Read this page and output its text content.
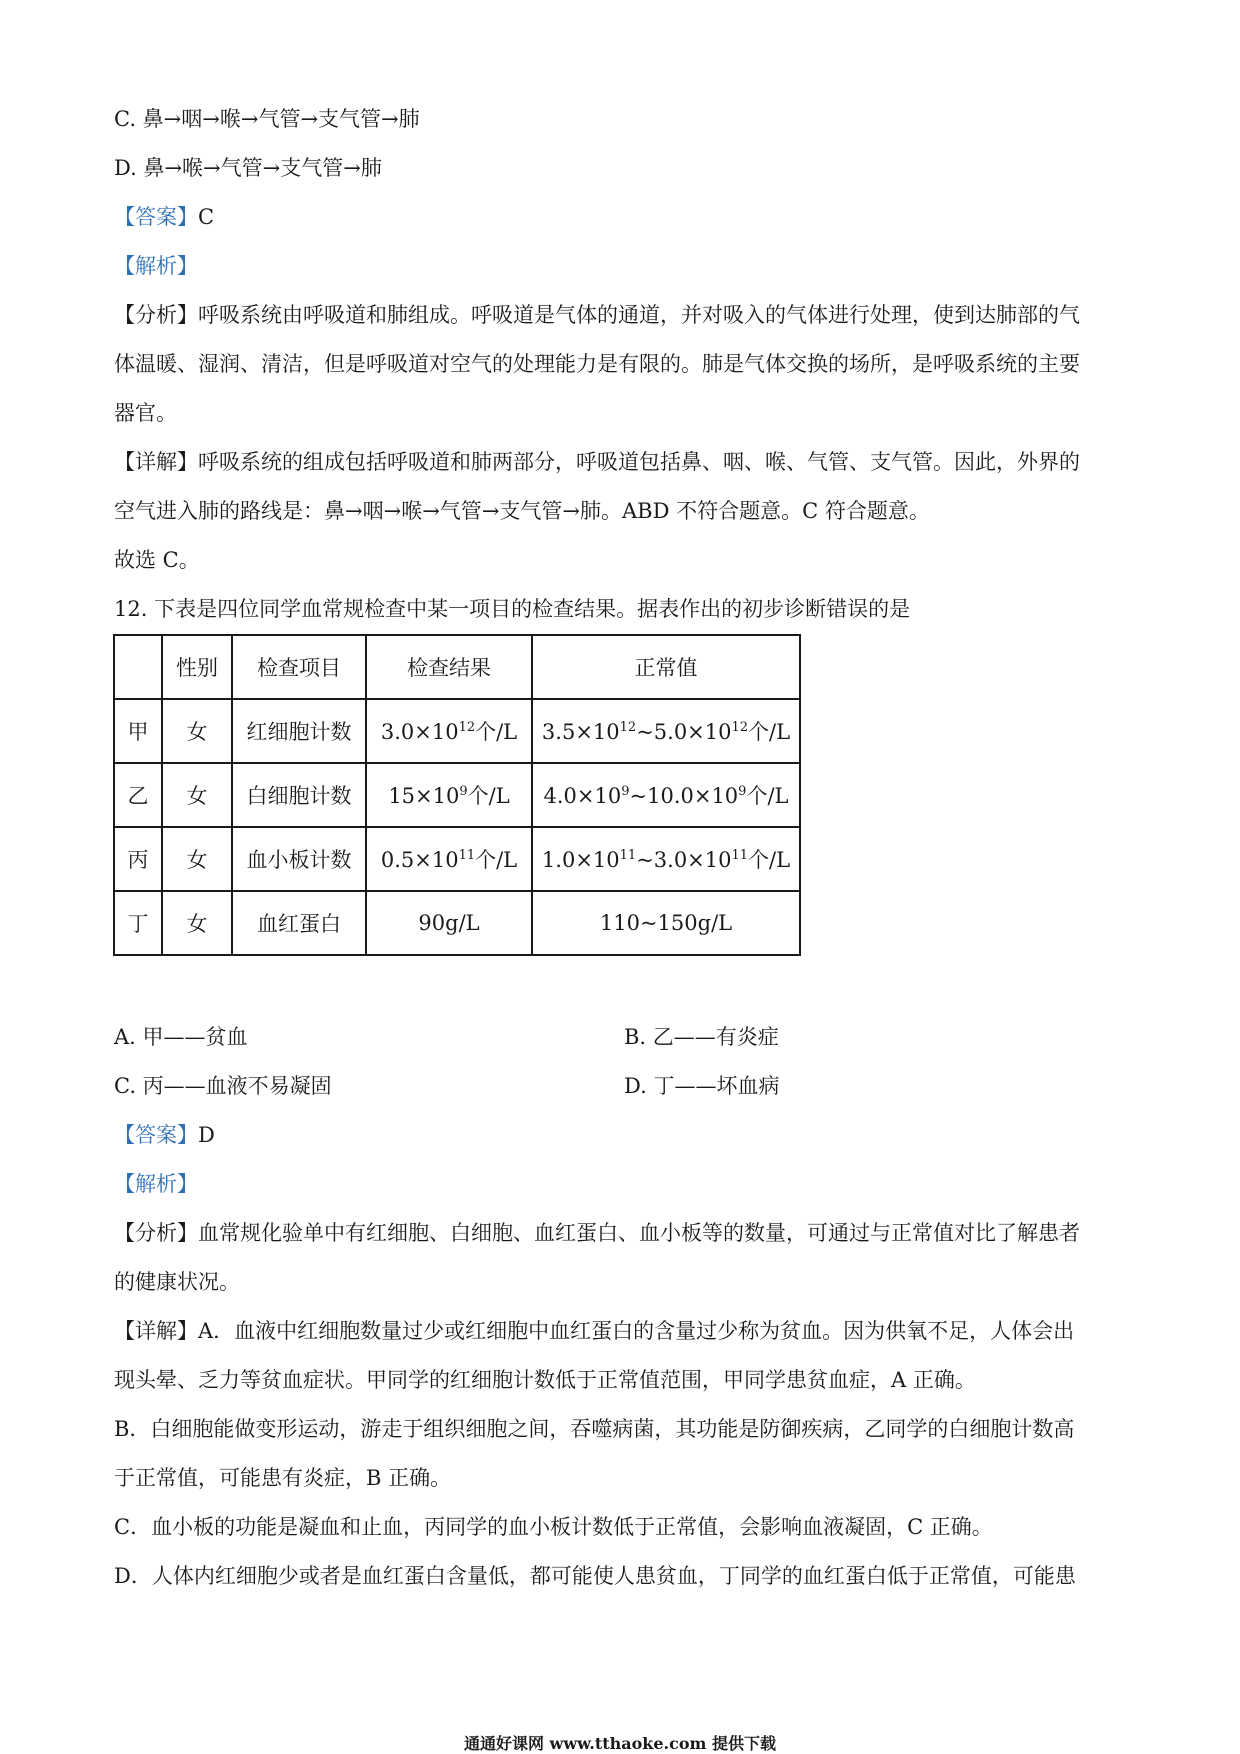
C. 鼻→咽→喉→气管→支气管→肺
D. 鼻→喉→气管→支气管→肺
【答案】C
【解析】
【分析】呼吸系统由呼吸道和肺组成。呼吸道是气体的通道，并对吸入的气体进行处理，使到达肺部的气
体温暖、湿润、清洁，但是呼吸道对空气的处理能力是有限的。肺是气体交换的场所，是呼吸系统的主要
器官。
【详解】呼吸系统的组成包括呼吸道和肺两部分，呼吸道包括鼻、咽、喉、气管、支气管。因此，外界的
空气进入肺的路线是：鼻→咽→喉→气管→支气管→肺。ABD 不符合题意。C 符合题意。
故选 C。
12. 下表是四位同学血常规检查中某一项目的检查结果。据表作出的初步诊断错误的是
	性别	检查项目	检查结果	正常值
甲	女	红细胞计数	$3.0\times 10^{12}$个/L	$3.5\times 10^{12}\sim 5.0\times 10^{12}$个/L
乙	女	白细胞计数	$15\times 10^9$个/L	$4.0\times 10^9\sim 10.0\times 10^9$个/L
丙	女	血小板计数	$0.5\times 10^{11}$个/L	$1.0\times 10^{11}\sim 3.0\times 10^{11}$个/L
丁	女	血红蛋白	90g/L	110~150g/L
A. 甲——贫血	B. 乙——有炎症
C. 丙——血液不易凝固	D. 丁——坏血病
【答案】D
【解析】
【分析】血常规化验单中有红细胞、白细胞、血红蛋白、血小板等的数量，可通过与正常值对比了解患者
的健康状况。
【详解】A．血液中红细胞数量过少或红细胞中血红蛋白的含量过少称为贫血。因为供氧不足，人体会出
现头晕、乏力等贫血症状。甲同学的红细胞计数低于正常值范围，甲同学患贫血症，A 正确。
B．白细胞能做变形运动，游走于组织细胞之间，吞噬病菌，其功能是防御疾病，乙同学的白细胞计数高
于正常值，可能患有炎症，B 正确。
C．血小板的功能是凝血和止血，丙同学的血小板计数低于正常值，会影响血液凝固，C 正确。
D．人体内红细胞少或者是血红蛋白含量低，都可能使人患贫血，丁同学的血红蛋白低于正常值，可能患
通通好课网 www.tthaoke.com 提供下载
